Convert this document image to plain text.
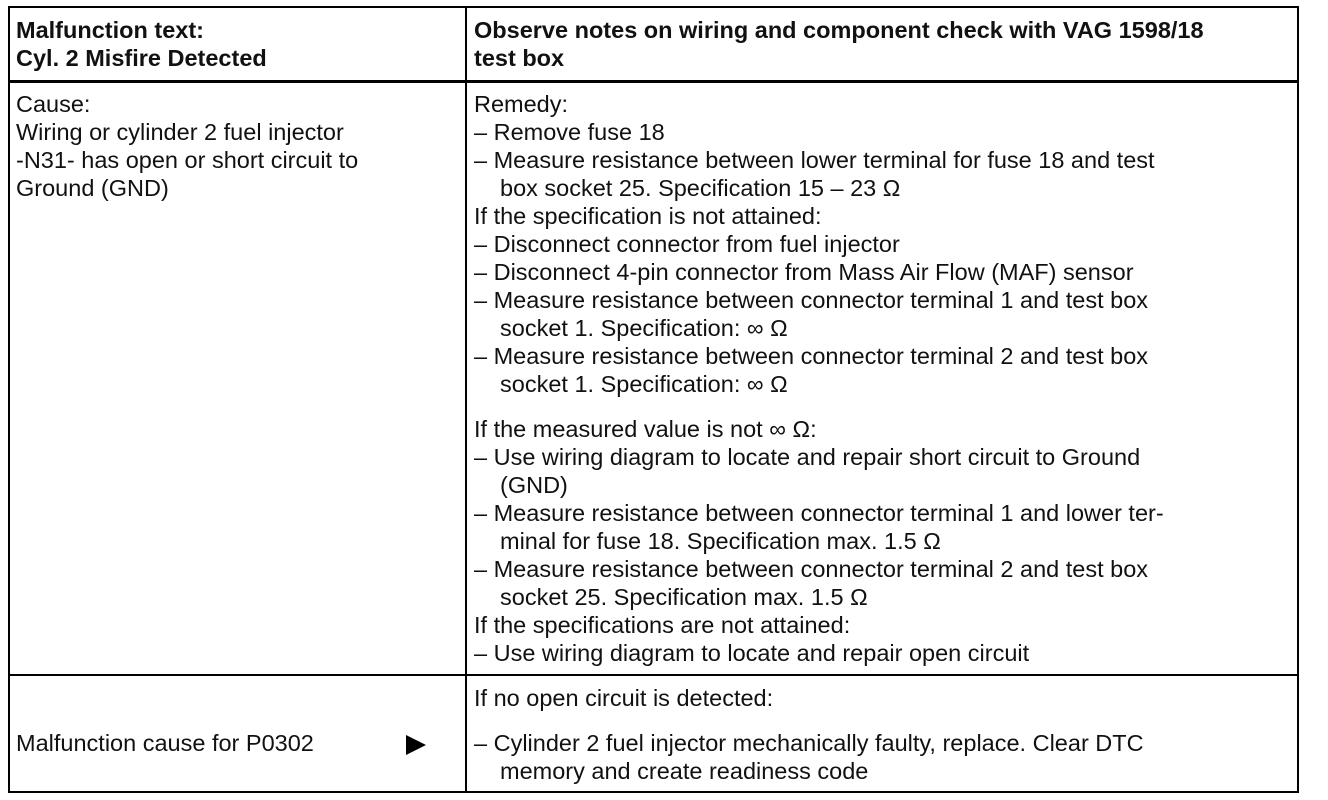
Malfunction text:
Cyl. 2 Misfire Detected
Observe notes on wiring and component check with VAG 1598/18
test box
Cause:
Wiring or cylinder 2 fuel injector
-N31- has open or short circuit to
Ground (GND)
Remedy:
– Remove fuse 18
– Measure resistance between lower terminal for fuse 18 and test
box socket 25. Specification 15 – 23 Ω
If the specification is not attained:
– Disconnect connector from fuel injector
– Disconnect 4-pin connector from Mass Air Flow (MAF) sensor
– Measure resistance between connector terminal 1 and test box
socket 1. Specification: ∞ Ω
– Measure resistance between connector terminal 2 and test box
socket 1. Specification: ∞ Ω
If the measured value is not ∞ Ω:
– Use wiring diagram to locate and repair short circuit to Ground
(GND)
– Measure resistance between connector terminal 1 and lower ter-
minal for fuse 18. Specification max. 1.5 Ω
– Measure resistance between connector terminal 2 and test box
socket 25. Specification max. 1.5 Ω
If the specifications are not attained:
– Use wiring diagram to locate and repair open circuit
Malfunction cause for P0302
If no open circuit is detected:
– Cylinder 2 fuel injector mechanically faulty, replace. Clear DTC
memory and create readiness code
